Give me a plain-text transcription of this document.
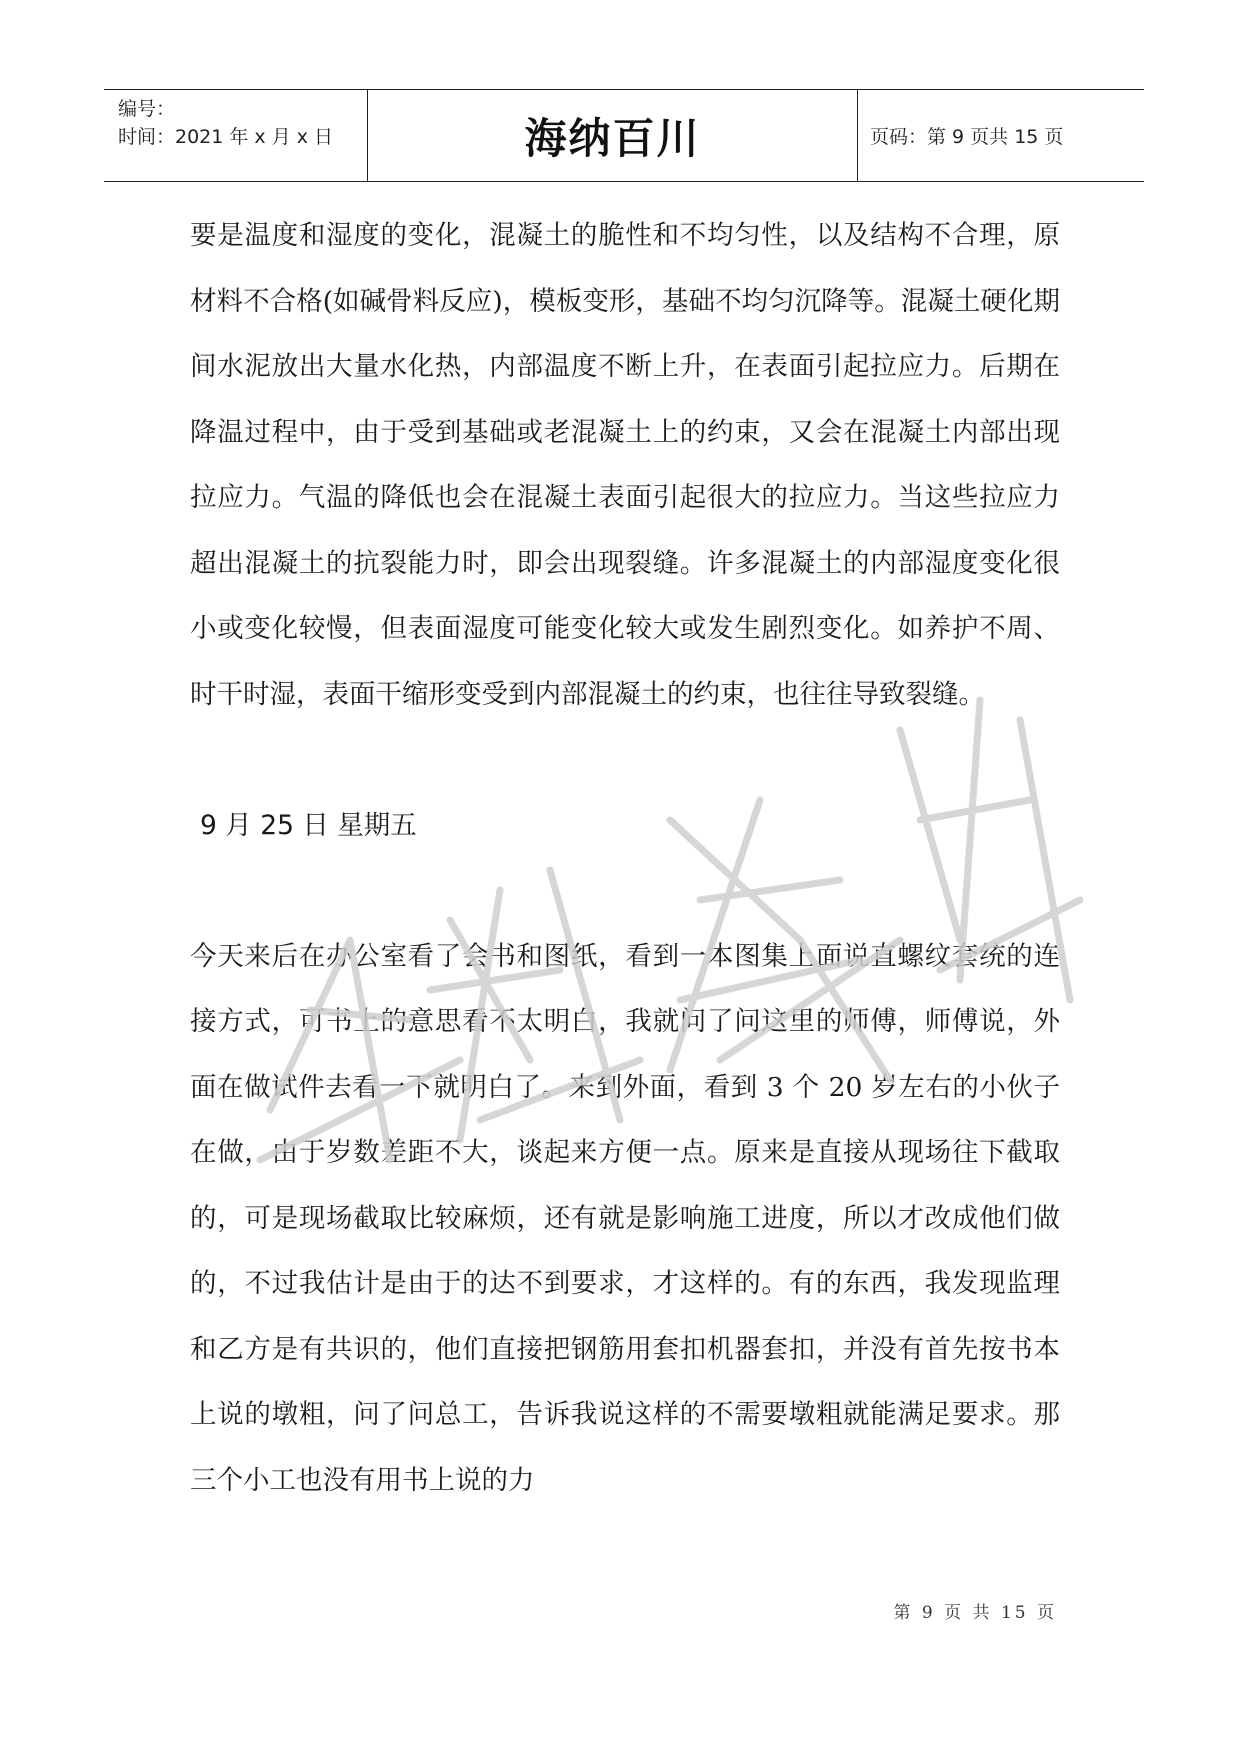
编号：
时间：2021 年 x 月 x 日	海纳百川	页码：第 9 页共 15 页

要是温度和湿度的变化，混凝土的脆性和不均匀性，以及结构不合理，原材料不合格(如碱骨料反应)，模板变形，基础不均匀沉降等。混凝土硬化期间水泥放出大量水化热，内部温度不断上升，在表面引起拉应力。后期在降温过程中，由于受到基础或老混凝土上的约束，又会在混凝土内部出现拉应力。气温的降低也会在混凝土表面引起很大的拉应力。当这些拉应力超出混凝土的抗裂能力时，即会出现裂缝。许多混凝土的内部湿度变化很小或变化较慢，但表面湿度可能变化较大或发生剧烈变化。如养护不周、时干时湿，表面干缩形变受到内部混凝土的约束，也往往导致裂缝。

9 月 25 日 星期五

今天来后在办公室看了会书和图纸，看到一本图集上面说直螺纹套统的连接方式，可书上的意思看不太明白，我就问了问这里的师傅，师傅说，外面在做试件去看一下就明白了。来到外面，看到 3 个 20 岁左右的小伙子在做，由于岁数差距不大，谈起来方便一点。原来是直接从现场往下截取的，可是现场截取比较麻烦，还有就是影响施工进度，所以才改成他们做的，不过我估计是由于的达不到要求，才这样的。有的东西，我发现监理和乙方是有共识的，他们直接把钢筋用套扣机器套扣，并没有首先按书本上说的墩粗，问了问总工，告诉我说这样的不需要墩粗就能满足要求。那三个小工也没有用书上说的力

第 9 页 共 15 页
